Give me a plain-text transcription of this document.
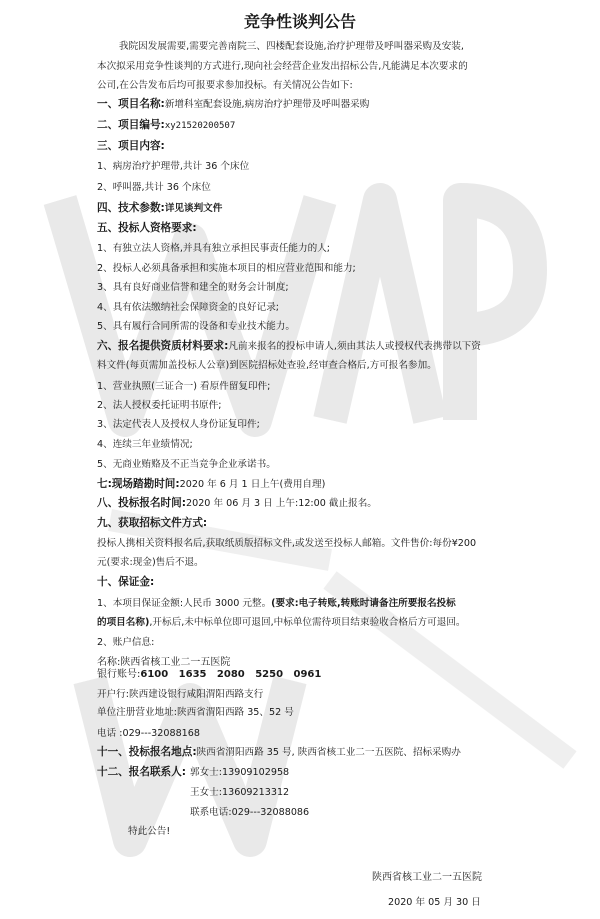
竞争性谈判公告
我院因发展需要,需要完善南院三、四楼配套设施,治疗护理带及呼叫器采购及安装,
本次拟采用竞争性谈判的方式进行,现向社会经营企业发出招标公告,凡能满足本次要求的
公司,在公告发布后均可报要求参加投标。有关情况公告如下:
一、项目名称:新增科室配套设施,病房治疗护理带及呼叫器采购
二、项目编号:xy21520200507
三、项目内容:
1、病房治疗护理带,共计 36 个床位
2、呼叫器,共计 36 个床位
四、技术参数:详见谈判文件
五、投标人资格要求:
1、有独立法人资格,并具有独立承担民事责任能力的人;
2、投标人必须具备承担和实施本项目的相应营业范围和能力;
3、具有良好商业信誉和建全的财务会计制度;
4、具有依法缴纳社会保障资金的良好记录;
5、具有履行合同所需的设备和专业技术能力。
六、报名提供资质材料要求:凡前来报名的投标申请人,须由其法人或授权代表携带以下资
料文件(每页需加盖投标人公章)到医院招标处查验,经审查合格后,方可报名参加。
1、营业执照(三证合一) 看原件留复印件;
2、法人授权委托证明书原件;
3、法定代表人及授权人身份证复印件;
4、连续三年业绩情况;
5、无商业贿赂及不正当竞争企业承诺书。
七:现场踏勘时间:2020 年 6 月 1 日上午(费用自理)
八、投标报名时间:2020 年 06 月 3 日 上午:12:00 截止报名。
九、获取招标文件方式:
投标人携相关资料报名后,获取纸质版招标文件,或发送至投标人邮箱。文件售价:每份¥200
元(要求:现金)售后不退。
十、保证金:
1、本项目保证金额:人民币 3000 元整。(要求:电子转账,转账时请备注所要报名投标
的项目名称),开标后,未中标单位即可退回,中标单位需待项目结束验收合格后方可退回。
2、账户信息:
名称:陕西省核工业二一五医院
银行账号:6100   1635   2080   5250   0961
开户行:陕西建设银行咸阳渭阳西路支行
单位注册营业地址:陕西省渭阳西路 35、52 号
电话 :029---32088168
十一、投标报名地点:陕西省渭阳西路 35 号, 陕西省核工业二一五医院、招标采购办
十二、报名联系人: 郭女士:13909102958
王女士:13609213312
联系电话:029---32088086
特此公告!
陕西省核工业二一五医院
2020 年 05 月 30 日
